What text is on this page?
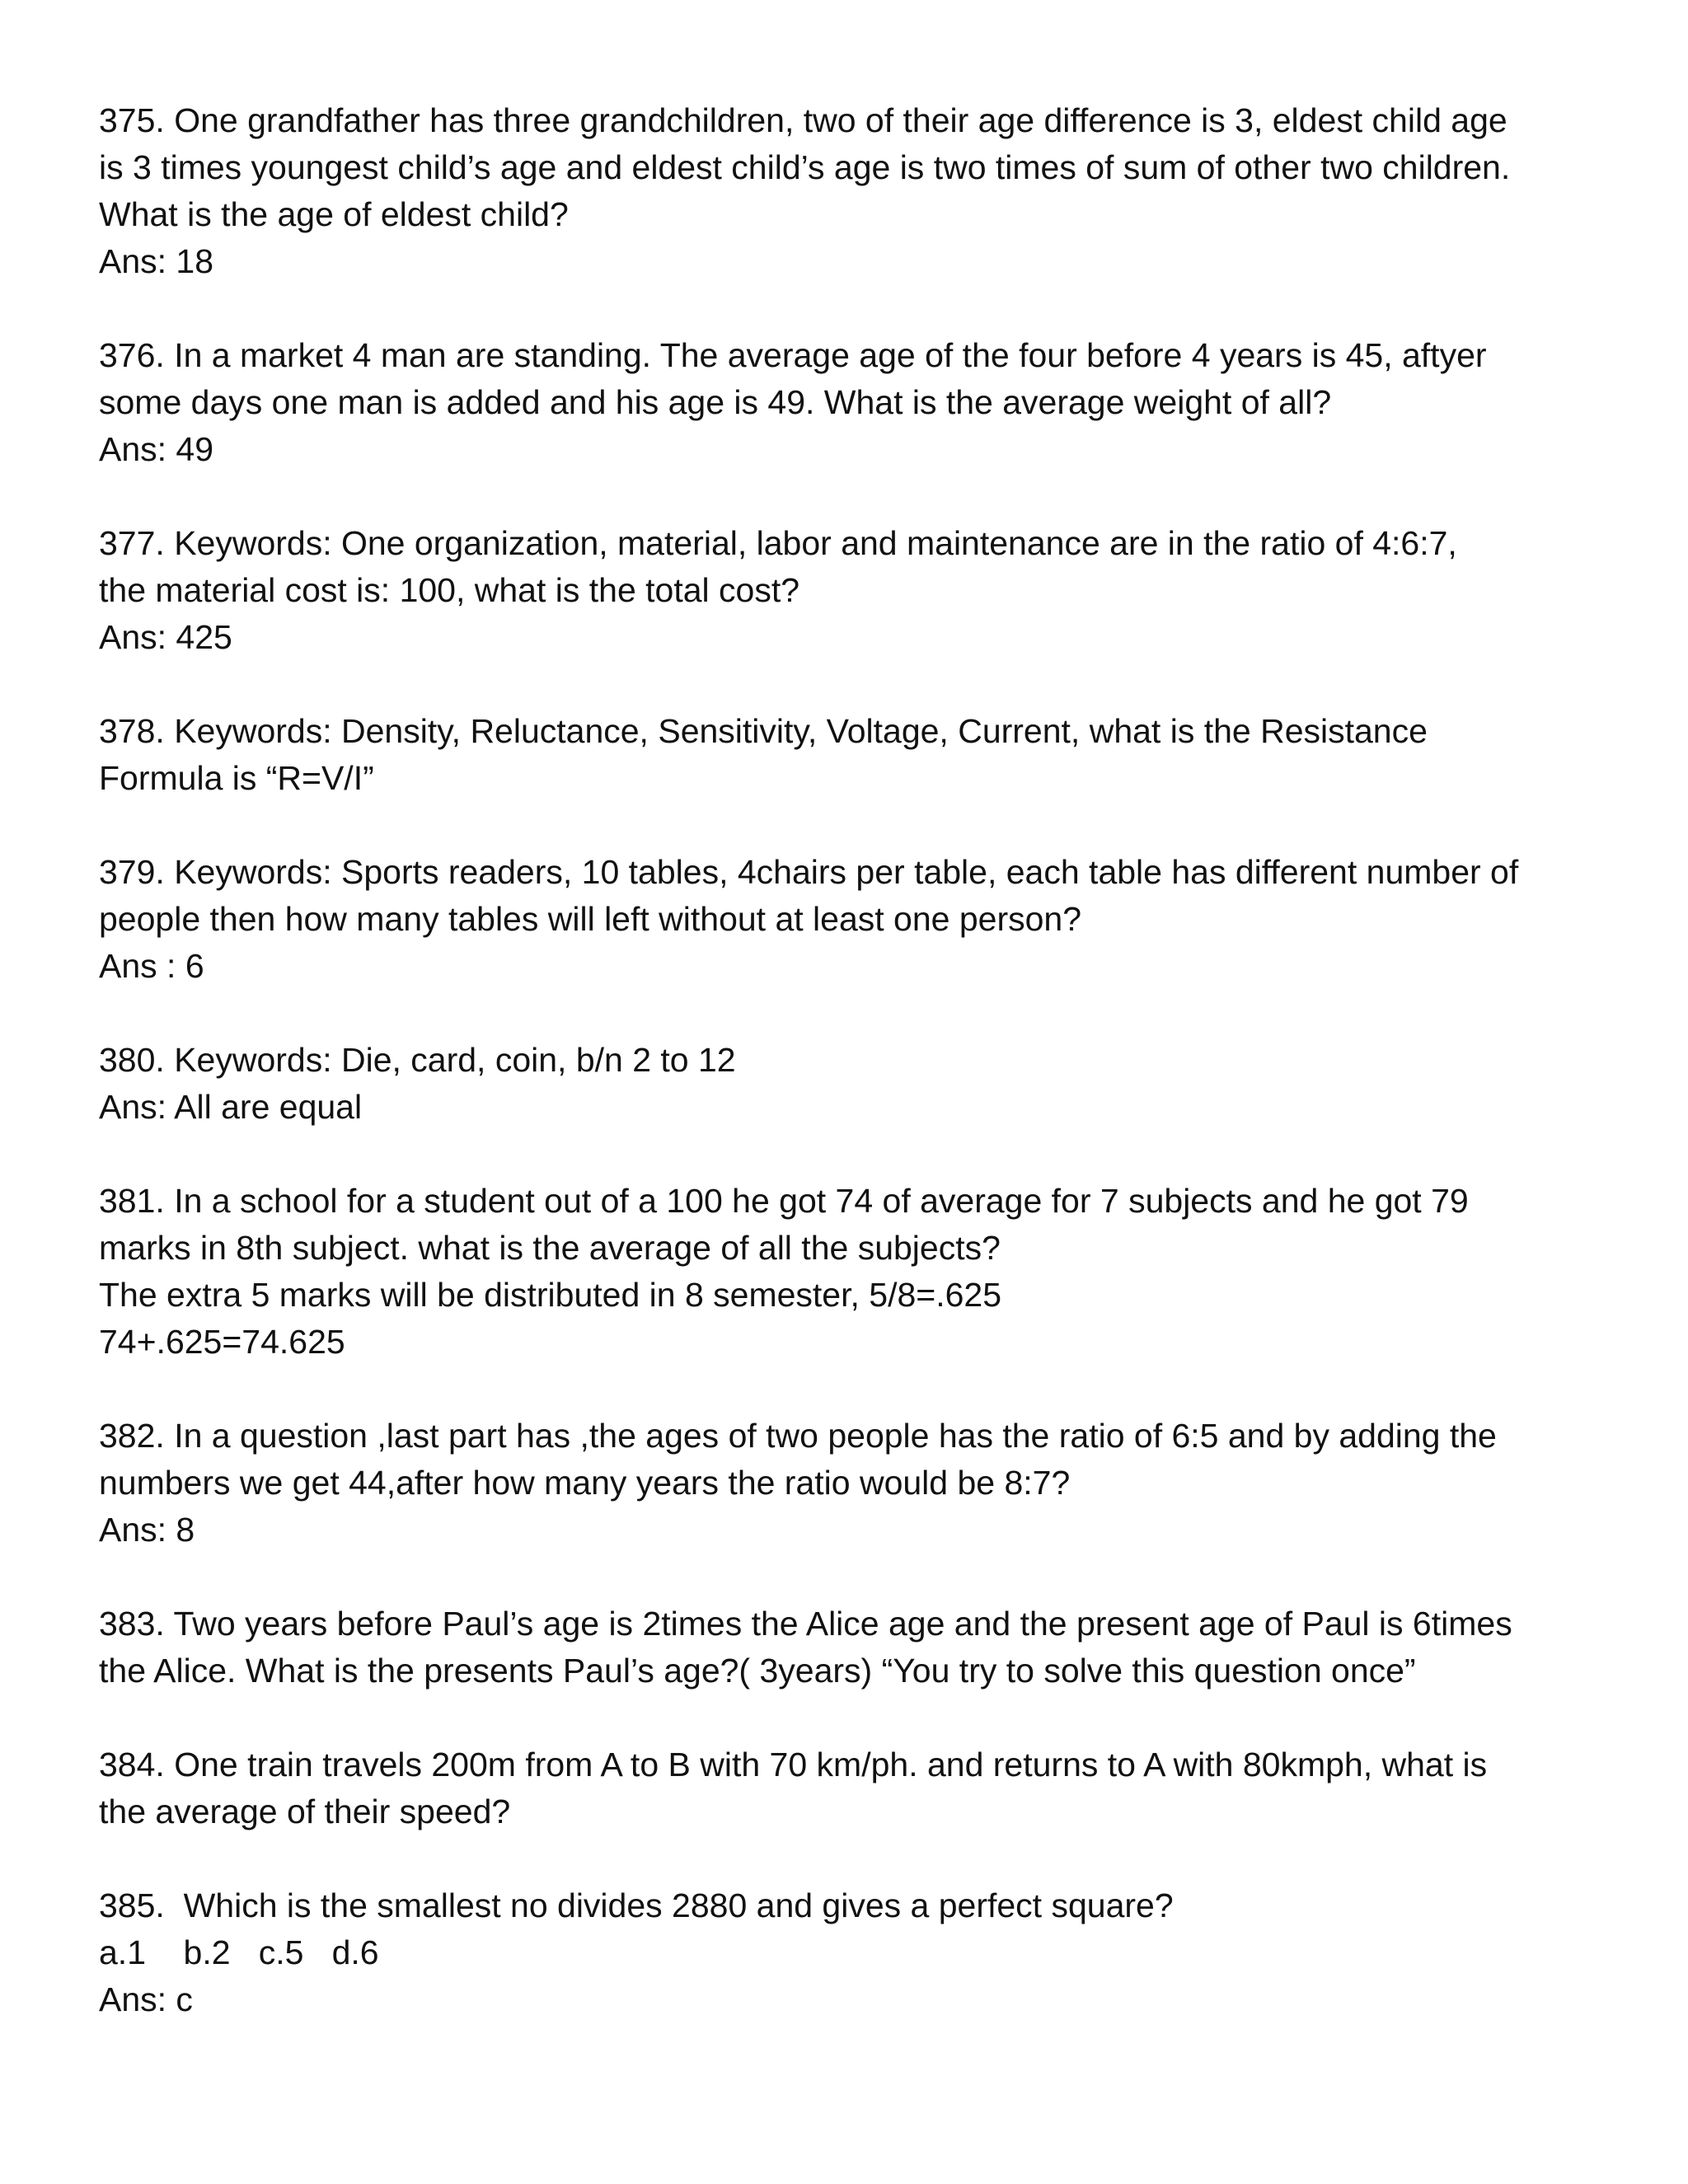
375. One grandfather has three grandchildren, two of their age difference is 3, eldest child age
is 3 times youngest child’s age and eldest child’s age is two times of sum of other two children.
What is the age of eldest child?
Ans: 18
376. In a market 4 man are standing. The average age of the four before 4 years is 45, aftyer
some days one man is added and his age is 49. What is the average weight of all?
Ans: 49
377. Keywords: One organization, material, labor and maintenance are in the ratio of 4:6:7,
the material cost is: 100, what is the total cost?
Ans: 425
378. Keywords: Density, Reluctance, Sensitivity, Voltage, Current, what is the Resistance
Formula is “R=V/I”
379. Keywords: Sports readers, 10 tables, 4chairs per table, each table has different number of
people then how many tables will left without at least one person?
Ans : 6
380. Keywords: Die, card, coin, b/n 2 to 12
Ans: All are equal
381. In a school for a student out of a 100 he got 74 of average for 7 subjects and he got 79
marks in 8th subject. what is the average of all the subjects?
The extra 5 marks will be distributed in 8 semester, 5/8=.625
74+.625=74.625
382. In a question ,last part has ,the ages of two people has the ratio of 6:5 and by adding the
numbers we get 44,after how many years the ratio would be 8:7?
Ans: 8
383. Two years before Paul’s age is 2times the Alice age and the present age of Paul is 6times
the Alice. What is the presents Paul’s age?( 3years) “You try to solve this question once”
384. One train travels 200m from A to B with 70 km/ph. and returns to A with 80kmph, what is
the average of their speed?
385.  Which is the smallest no divides 2880 and gives a perfect square?
a.1    b.2   c.5   d.6
Ans: c
